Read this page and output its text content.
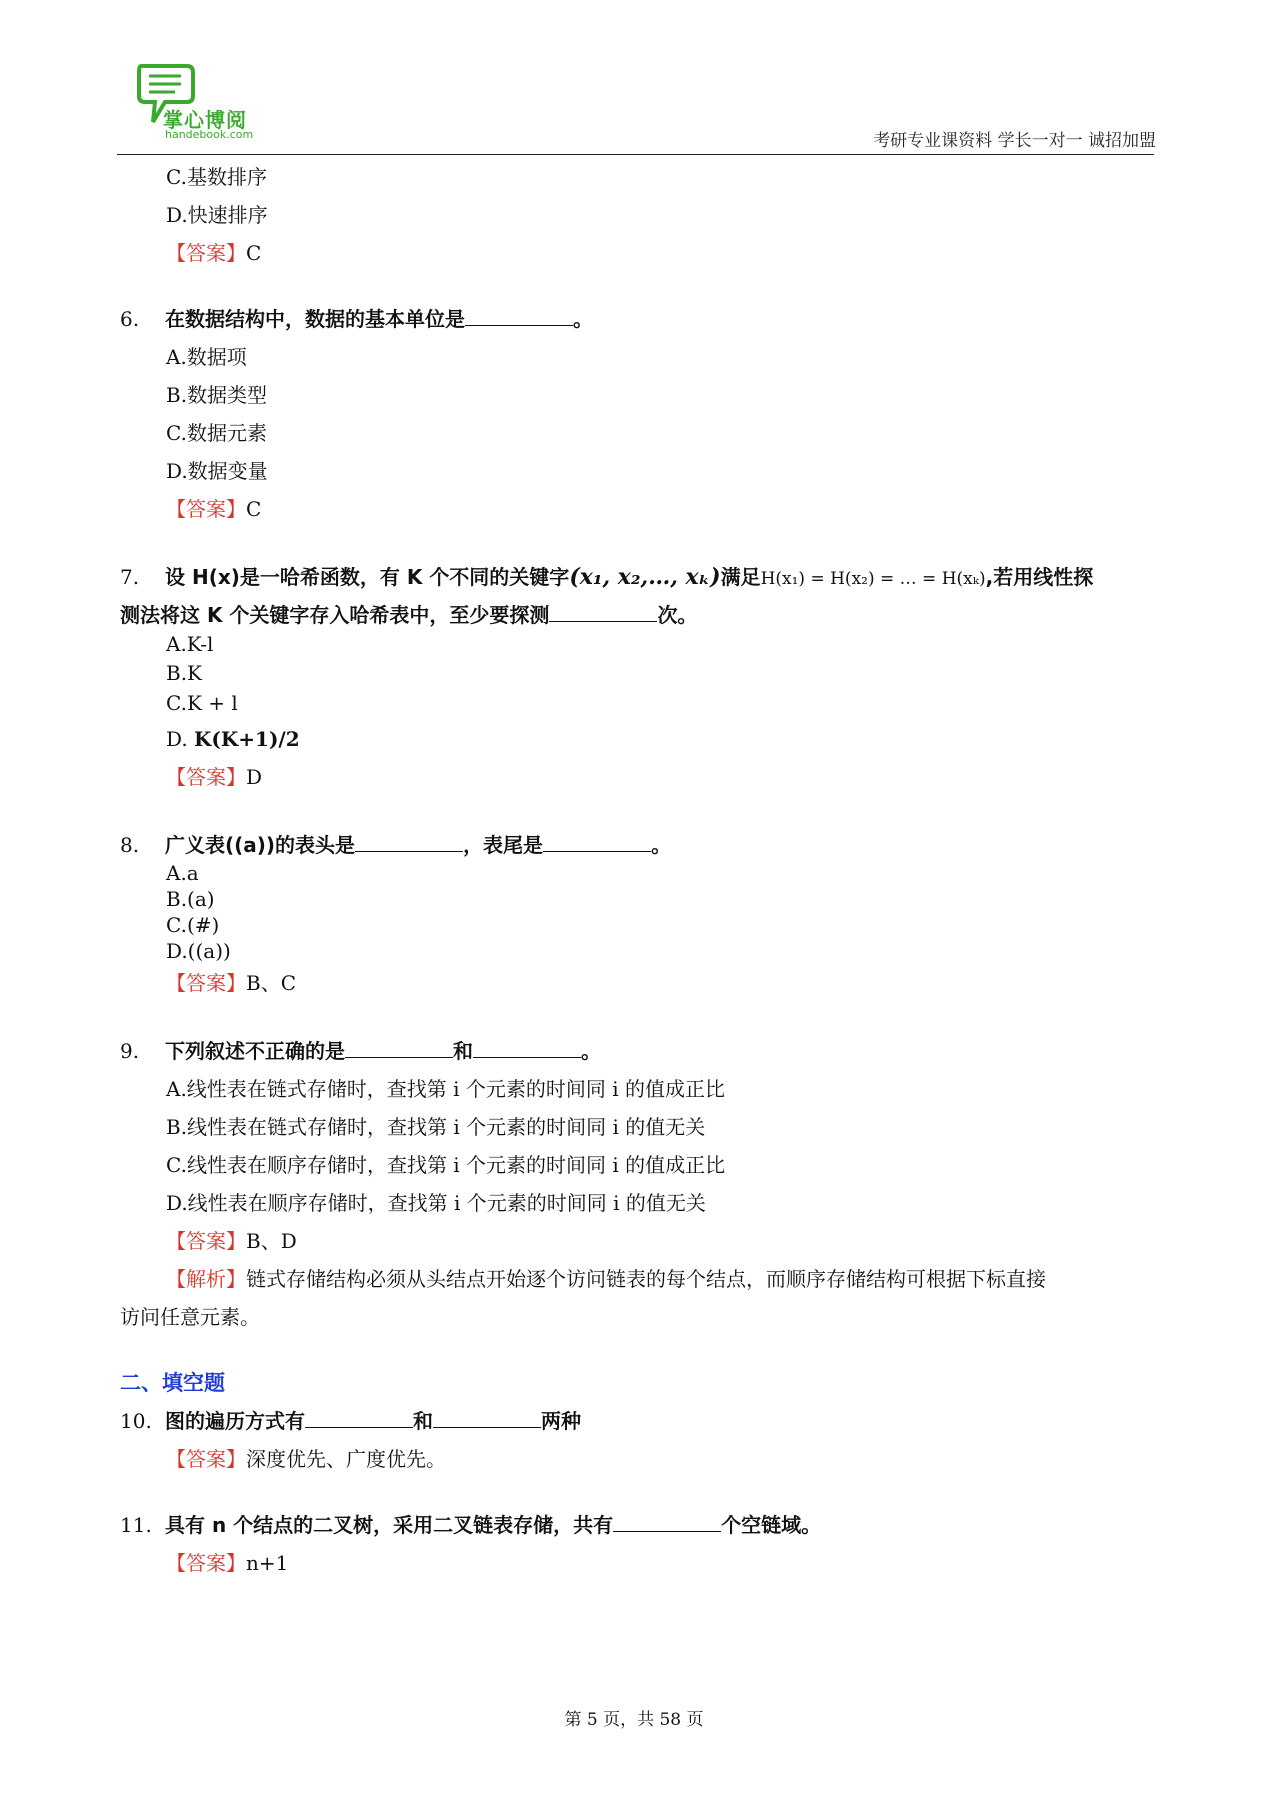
掌心博阅
handebook.com	考研专业课资料 学长一对一 诚招加盟
C.基数排序
D.快速排序
【答案】C
6. 在数据结构中，数据的基本单位是	。
A.数据项
B.数据类型
C.数据元素
D.数据变量
【答案】C
7. 设 H(x)是一哈希函数，有 K 个不同的关键字(x₁, x₂,…, xₖ)满足H(x₁) = H(x₂) = … = H(xₖ),若用线性探
测法将这 K 个关键字存入哈希表中，至少要探测	次。
A.K-l
B.K
C.K + l
D. K(K+1)/2
【答案】D
8. 广义表((a))的表头是	，表尾是	。
A.a
B.(a)
C.(#)
D.((a))
【答案】B、C
9. 下列叙述不正确的是	和	。
A.线性表在链式存储时，查找第 i 个元素的时间同 i 的值成正比
B.线性表在链式存储时，查找第 i 个元素的时间同 i 的值无关
C.线性表在顺序存储时，查找第 i 个元素的时间同 i 的值成正比
D.线性表在顺序存储时，查找第 i 个元素的时间同 i 的值无关
【答案】B、D
【解析】链式存储结构必须从头结点开始逐个访问链表的每个结点，而顺序存储结构可根据下标直接
访问任意元素。
二、填空题
10. 图的遍历方式有	和	两种
【答案】深度优先、广度优先。
11. 具有 n 个结点的二叉树，采用二叉链表存储，共有	个空链域。
【答案】n+1
第 5 页，共 58 页
